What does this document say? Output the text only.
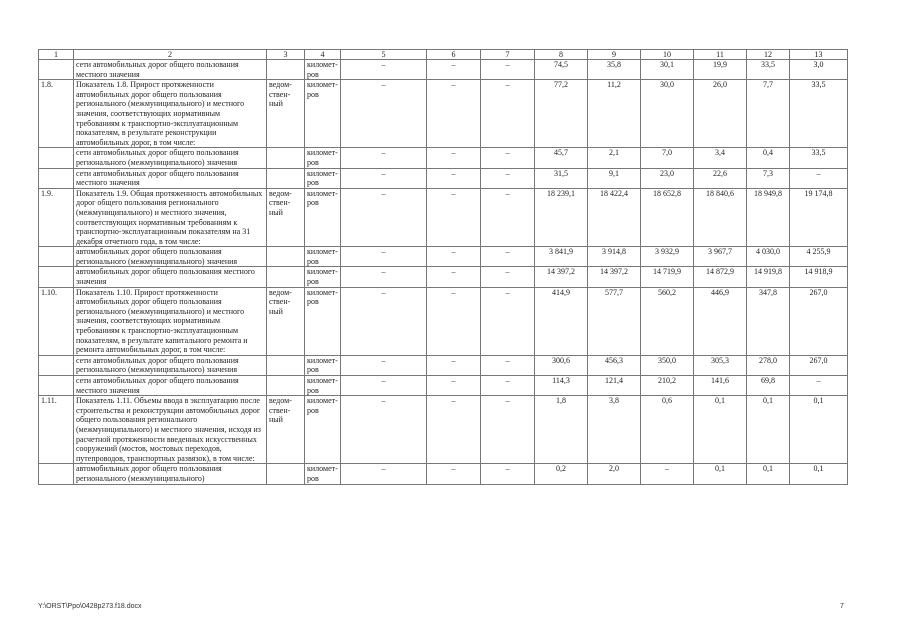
1	2	3	4	5	6	7	8	9	10	11	12	13
	сети автомобильных дорог общего пользования местного значения		километ-ров	–	–	–	74,5	35,8	30,1	19,9	33,5	3,0
1.8.	Показатель 1.8. Прирост протяженности автомобильных дорог общего пользования регионального (межмуниципального) и местного значения, соответствующих нормативным требованиям к транспортно-эксплуатационным показателям, в результате реконструкции автомобильных дорог, в том числе:	ведом-ствен-ный	километ-ров	–	–	–	77,2	11,2	30,0	26,0	7,7	33,5
	сети автомобильных дорог общего пользования регионального (межмуниципального) значения		километ-ров	–	–	–	45,7	2,1	7,0	3,4	0,4	33,5
	сети автомобильных дорог общего пользования местного значения		километ-ров	–	–	–	31,5	9,1	23,0	22,6	7,3	–
1.9.	Показатель 1.9. Общая протяженность автомобильных дорог общего пользования регионального (межмуниципального) и местного значения, соответствующих нормативным требованиям к транспортно-эксплуатационным показателям на 31 декабря отчетного года, в том числе:	ведом-ствен-ный	километ-ров	–	–	–	18 239,1	18 422,4	18 652,8	18 840,6	18 949,8	19 174,8
	автомобильных дорог общего пользования регионального (межмуниципального) значения		километ-ров	–	–	–	3 841,9	3 914,8	3 932,9	3 967,7	4 030,0	4 255,9
	автомобильных дорог общего пользования местного значения		километ-ров	–	–	–	14 397,2	14 397,2	14 719,9	14 872,9	14 919,8	14 918,9
1.10.	Показатель 1.10. Прирост протяженности автомобильных дорог общего пользования регионального (межмуниципального) и местного значения, соответствующих нормативным требованиям к транспортно-эксплуатационным показателям, в результате капитального ремонта и ремонта автомобильных дорог, в том числе:	ведом-ствен-ный	километ-ров	–	–	–	414,9	577,7	560,2	446,9	347,8	267,0
	сети автомобильных дорог общего пользования регионального (межмуниципального) значения		километ-ров	–	–	–	300,6	456,3	350,0	305,3	278,0	267,0
	сети автомобильных дорог общего пользования местного значения		километ-ров	–	–	–	114,3	121,4	210,2	141,6	69,8	–
1.11.	Показатель 1.11. Объемы ввода в эксплуатацию после строительства и реконструкции автомобильных дорог общего пользования регионального (межмуниципального) и местного значения, исходя из расчетной протяженности введенных искусственных сооружений (мостов, мостовых переходов, путепроводов, транспортных развязок), в том числе:	ведом-ствен-ный	километ-ров	–	–	–	1,8	3,8	0,6	0,1	0,1	0,1
	автомобильных дорог общего пользования регионального (межмуниципального)		километ-ров	–	–	–	0,2	2,0	–	0,1	0,1	0,1
Y:\ORST\Ppo\0428p273.f18.docx	7
